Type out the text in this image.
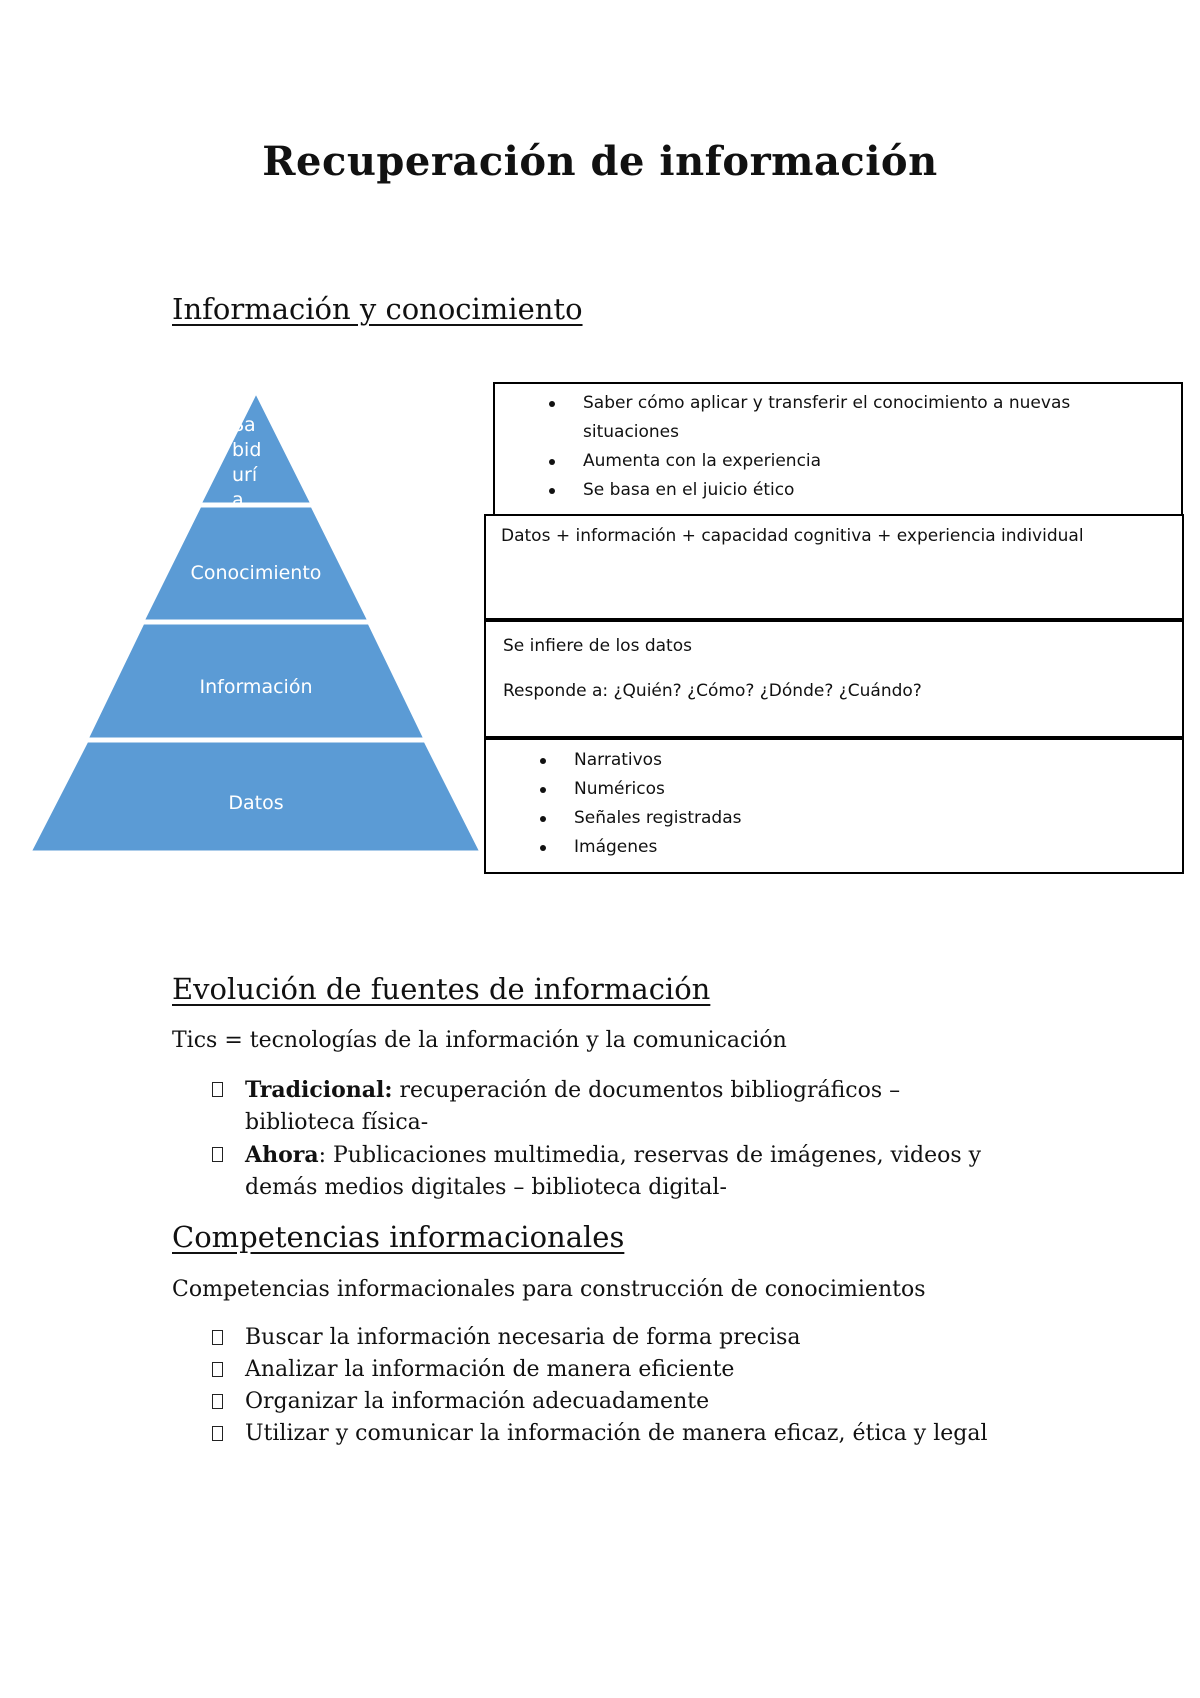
Recuperación de información
Información y conocimiento
Sa
bid
urí
Conocimiento
Información
Datos
Saber cómo aplicar y transferir el conocimiento a nuevas
situaciones
Aumenta con la experiencia
Se basa en el juicio ético

Datos + información + capacidad cognitiva + experiencia individual

Se infiere de los datos

Responde a: ¿Quién? ¿Cómo? ¿Dónde? ¿Cuándo?

Narrativos
Numéricos
Señales registradas
Imágenes
Evolución de fuentes de información
Tics = tecnologías de la información y la comunicación
Tradicional: recuperación de documentos bibliográficos –
biblioteca física-
Ahora: Publicaciones multimedia, reservas de imágenes, videos y
demás medios digitales – biblioteca digital-
Competencias informacionales
Competencias informacionales para construcción de conocimientos
Buscar la información necesaria de forma precisa
Analizar la información de manera eficiente
Organizar la información adecuadamente
Utilizar y comunicar la información de manera eficaz, ética y legal
